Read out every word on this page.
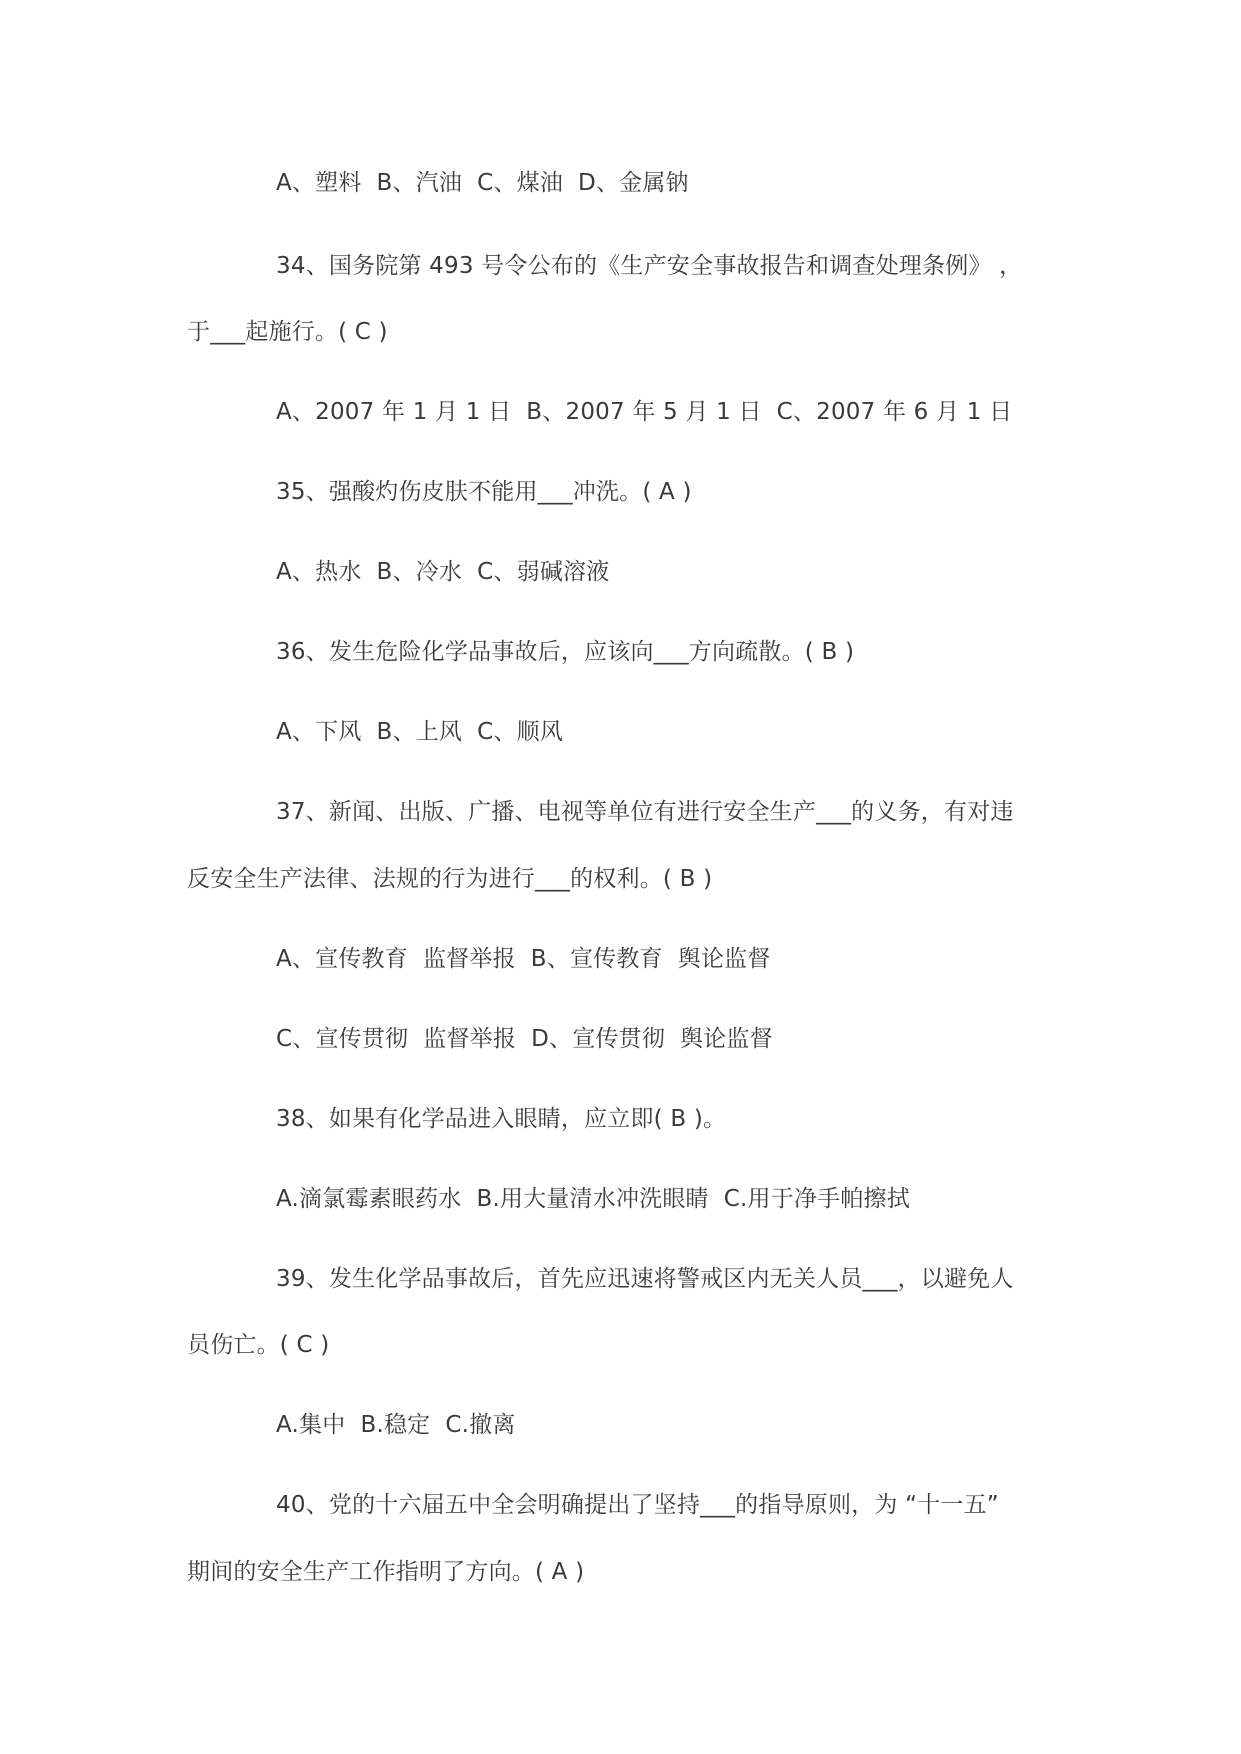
A、塑料  B、汽油  C、煤油  D、金属钠
34、国务院第 493 号令公布的《生产安全事故报告和调查处理条例》 ，
于___起施行。( C )
A、2007 年 1 月 1 日  B、2007 年 5 月 1 日  C、2007 年 6 月 1 日
35、强酸灼伤皮肤不能用___冲洗。( A )
A、热水  B、冷水  C、弱碱溶液
36、发生危险化学品事故后，应该向___方向疏散。( B )
A、下风  B、上风  C、顺风
37、新闻、出版、广播、电视等单位有进行安全生产___的义务，有对违
反安全生产法律、法规的行为进行___的权利。( B )
A、宣传教育  监督举报  B、宣传教育  舆论监督
C、宣传贯彻  监督举报  D、宣传贯彻  舆论监督
38、如果有化学品进入眼睛，应立即( B )。
A.滴氯霉素眼药水  B.用大量清水冲洗眼睛  C.用于净手帕擦拭
39、发生化学品事故后，首先应迅速将警戒区内无关人员___，以避免人
员伤亡。( C )
A.集中  B.稳定  C.撤离
40、党的十六届五中全会明确提出了坚持___的指导原则，为 “十一五”
期间的安全生产工作指明了方向。( A )
